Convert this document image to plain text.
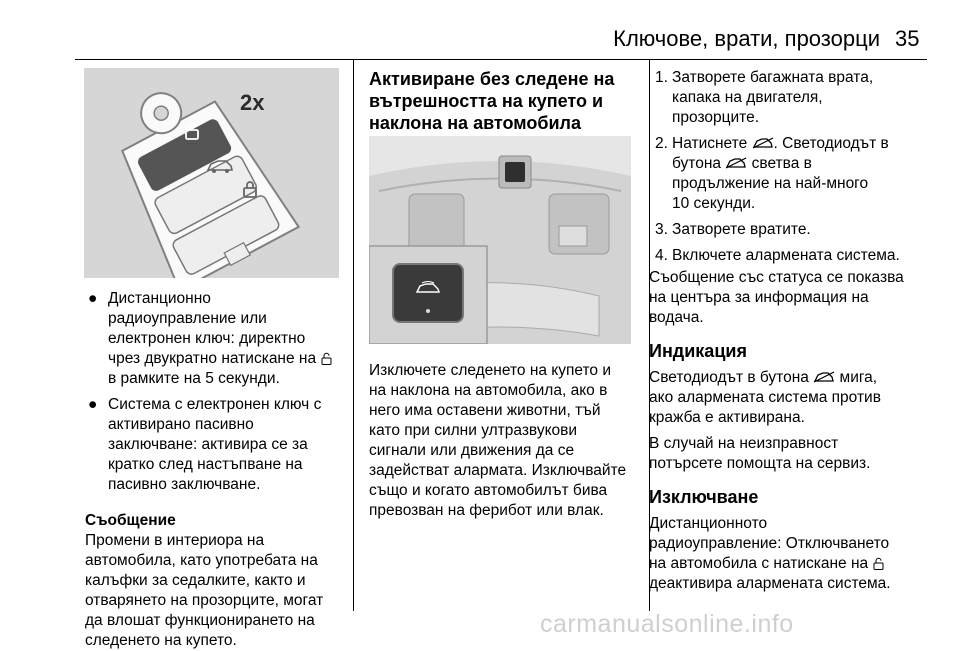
Ключове, врати, прозорци 35
2x
● Дистанционно

радиоуправление или

електронен ключ: директно

чрез двукратно натискане на

в рамките на 5 секунди.

● Система с електронен ключ с

активирано пасивно

заключване: активира се за

кратко след настъпване на

пасивно заключване.

Съобщение

Промени в интериора на

автомобила, като употребата на

калъфки за седалките, както и

отварянето на прозорците, могат

да влошат функционирането на

следенето на купето.

Активиране без следене на

вътрешността на купето и

наклона на автомобила

Изключете следенето на купето и

на наклона на автомобила, ако в

него има оставени животни, тъй

като при силни ултразвукови

сигнали или движения да се

задействат алармата. Изключвайте

също и когато автомобилът бива

превозван на ферибот или влак.

1. Затворете багажната врата,

капака на двигателя,

прозорците.

2. Натиснете . Светодиодът в

бутона светва в

продължение на най-много

10 секунди.

3. Затворете вратите.

4. Включете алармената система.

Съобщение със статуса се показва

на центъра за информация на

водача.

Индикация

Светодиодът в бутона мига,

ако алармената система против

кражба е активирана.

В случай на неизправност

потърсете помощта на сервиз.

Изключване

Дистанционното

радиоуправление: Отключването

на автомобила с натискане на

деактивира алармената система.

carmanualsonline.info
